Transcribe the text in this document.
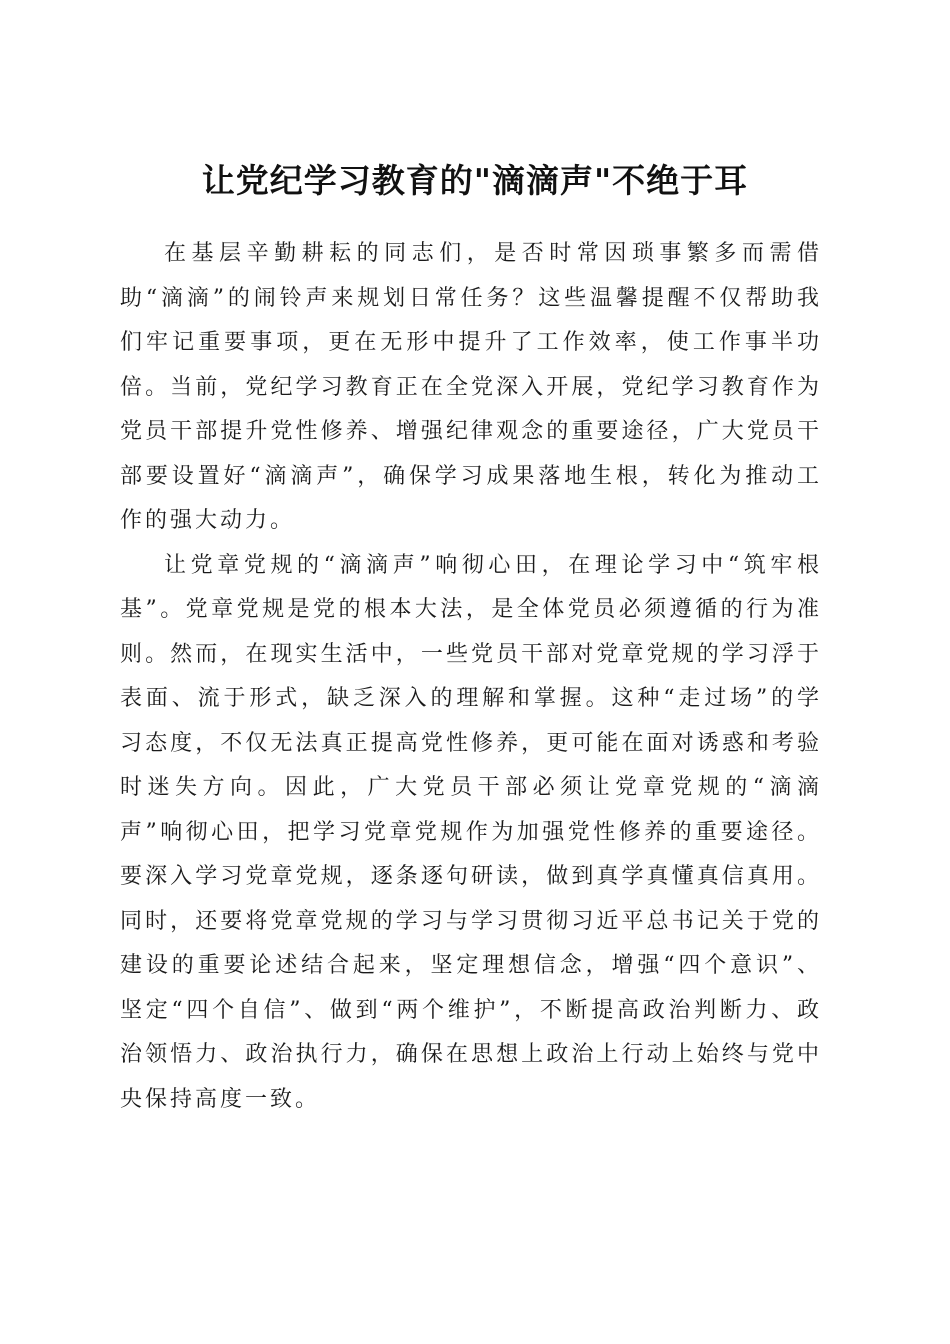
让党纪学习教育的"滴滴声"不绝于耳

在基层辛勤耕耘的同志们，是否时常因琐事繁多而需借助“滴滴”的闹铃声来规划日常任务？这些温馨提醒不仅帮助我们牢记重要事项，更在无形中提升了工作效率，使工作事半功倍。当前，党纪学习教育正在全党深入开展，党纪学习教育作为党员干部提升党性修养、增强纪律观念的重要途径，广大党员干部要设置好“滴滴声”，确保学习成果落地生根，转化为推动工作的强大动力。

让党章党规的“滴滴声”响彻心田，在理论学习中“筑牢根基”。党章党规是党的根本大法，是全体党员必须遵循的行为准则。然而，在现实生活中，一些党员干部对党章党规的学习浮于表面、流于形式，缺乏深入的理解和掌握。这种“走过场”的学习态度，不仅无法真正提高党性修养，更可能在面对诱惑和考验时迷失方向。因此，广大党员干部必须让党章党规的“滴滴声”响彻心田，把学习党章党规作为加强党性修养的重要途径。要深入学习党章党规，逐条逐句研读，做到真学真懂真信真用。同时，还要将党章党规的学习与学习贯彻习近平总书记关于党的建设的重要论述结合起来，坚定理想信念，增强“四个意识”、坚定“四个自信”、做到“两个维护”，不断提高政治判断力、政治领悟力、政治执行力，确保在思想上政治上行动上始终与党中央保持高度一致。
